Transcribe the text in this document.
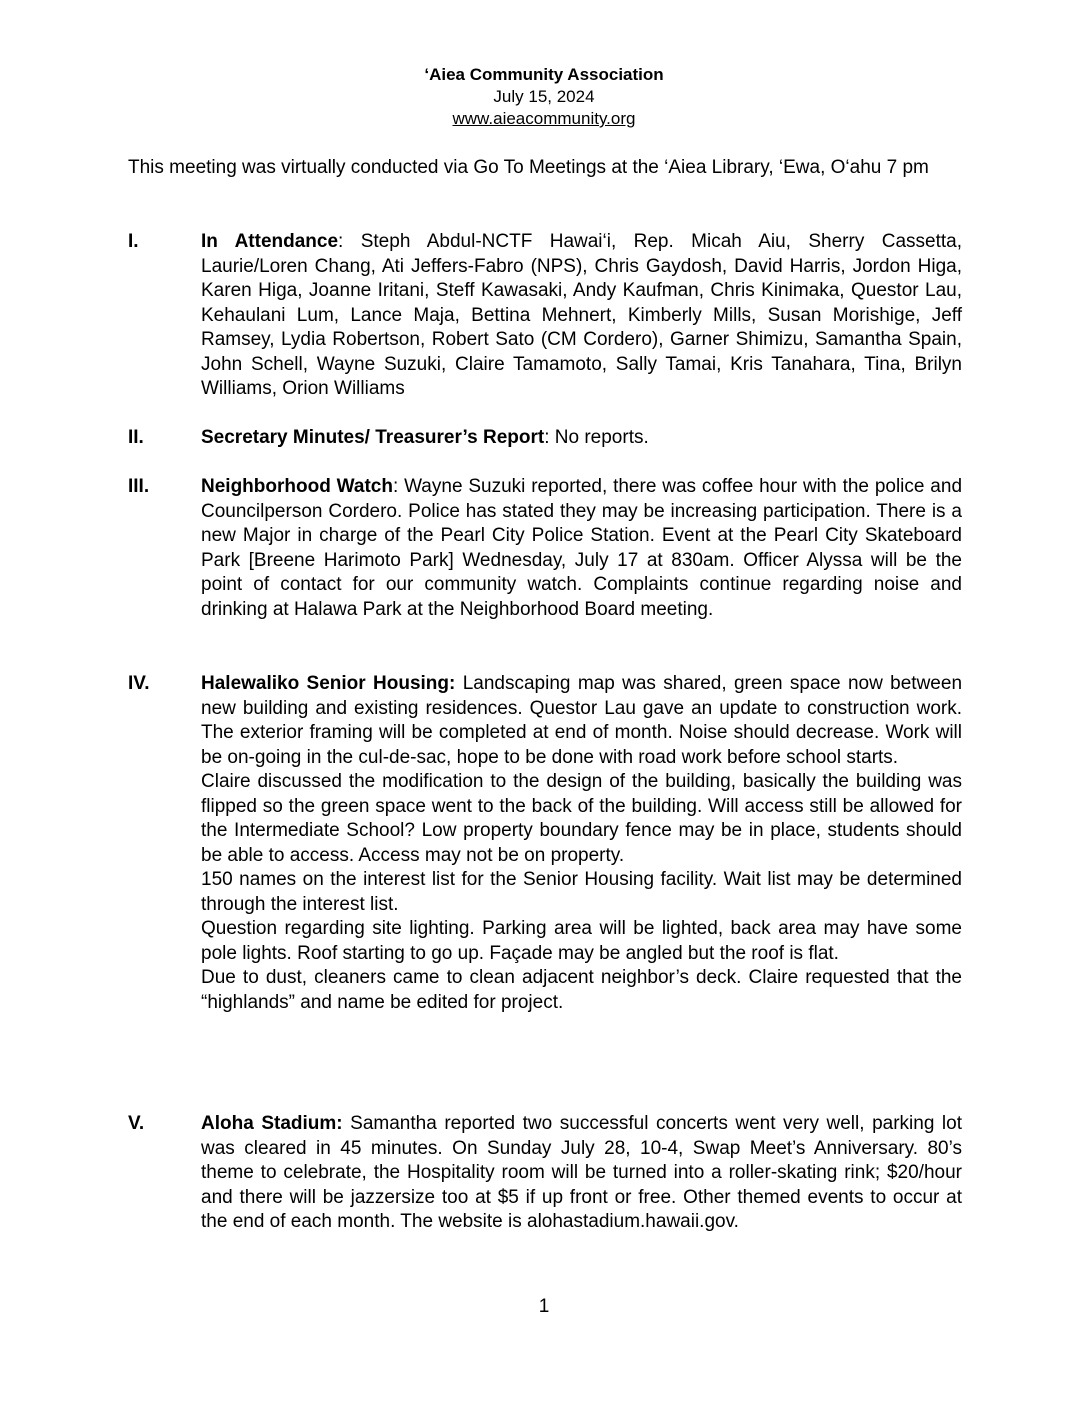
‘Aiea Community Association
July 15, 2024
www.aieacommunity.org
This meeting was virtually conducted via Go To Meetings at the ‘Aiea Library, ‘Ewa, O‘ahu 7 pm
I.	In Attendance: Steph Abdul-NCTF Hawai‘i, Rep. Micah Aiu, Sherry Cassetta, Laurie/Loren Chang, Ati Jeffers-Fabro (NPS), Chris Gaydosh, David Harris, Jordon Higa, Karen Higa, Joanne Iritani, Steff Kawasaki, Andy Kaufman, Chris Kinimaka, Questor Lau, Kehaulani Lum, Lance Maja, Bettina Mehnert, Kimberly Mills, Susan Morishige, Jeff Ramsey, Lydia Robertson, Robert Sato (CM Cordero), Garner Shimizu, Samantha Spain, John Schell, Wayne Suzuki, Claire Tamamoto, Sally Tamai, Kris Tanahara, Tina, Brilyn Williams, Orion Williams

II.	Secretary Minutes/ Treasurer’s Report: No reports.

III.	Neighborhood Watch: Wayne Suzuki reported, there was coffee hour with the police and Councilperson Cordero. Police has stated they may be increasing participation. There is a new Major in charge of the Pearl City Police Station. Event at the Pearl City Skateboard Park [Breene Harimoto Park] Wednesday, July 17 at 830am. Officer Alyssa will be the point of contact for our community watch. Complaints continue regarding noise and drinking at Halawa Park at the Neighborhood Board meeting.

IV.	Halewaliko Senior Housing: Landscaping map was shared, green space now between new building and existing residences. Questor Lau gave an update to construction work. The exterior framing will be completed at end of month. Noise should decrease. Work will be on-going in the cul-de-sac, hope to be done with road work before school starts.

Claire discussed the modification to the design of the building, basically the building was flipped so the green space went to the back of the building. Will access still be allowed for the Intermediate School? Low property boundary fence may be in place, students should be able to access. Access may not be on property.

150 names on the interest list for the Senior Housing facility. Wait list may be determined through the interest list.

Question regarding site lighting. Parking area will be lighted, back area may have some pole lights. Roof starting to go up. Façade may be angled but the roof is flat.

Due to dust, cleaners came to clean adjacent neighbor’s deck. Claire requested that the “highlands” and name be edited for project.

V.	Aloha Stadium: Samantha reported two successful concerts went very well, parking lot was cleared in 45 minutes. On Sunday July 28, 10-4, Swap Meet’s Anniversary. 80’s theme to celebrate, the Hospitality room will be turned into a roller-skating rink; $20/hour and there will be jazzersize too at $5 if up front or free. Other themed events to occur at the end of each month. The website is alohastadium.hawaii.gov.

1
